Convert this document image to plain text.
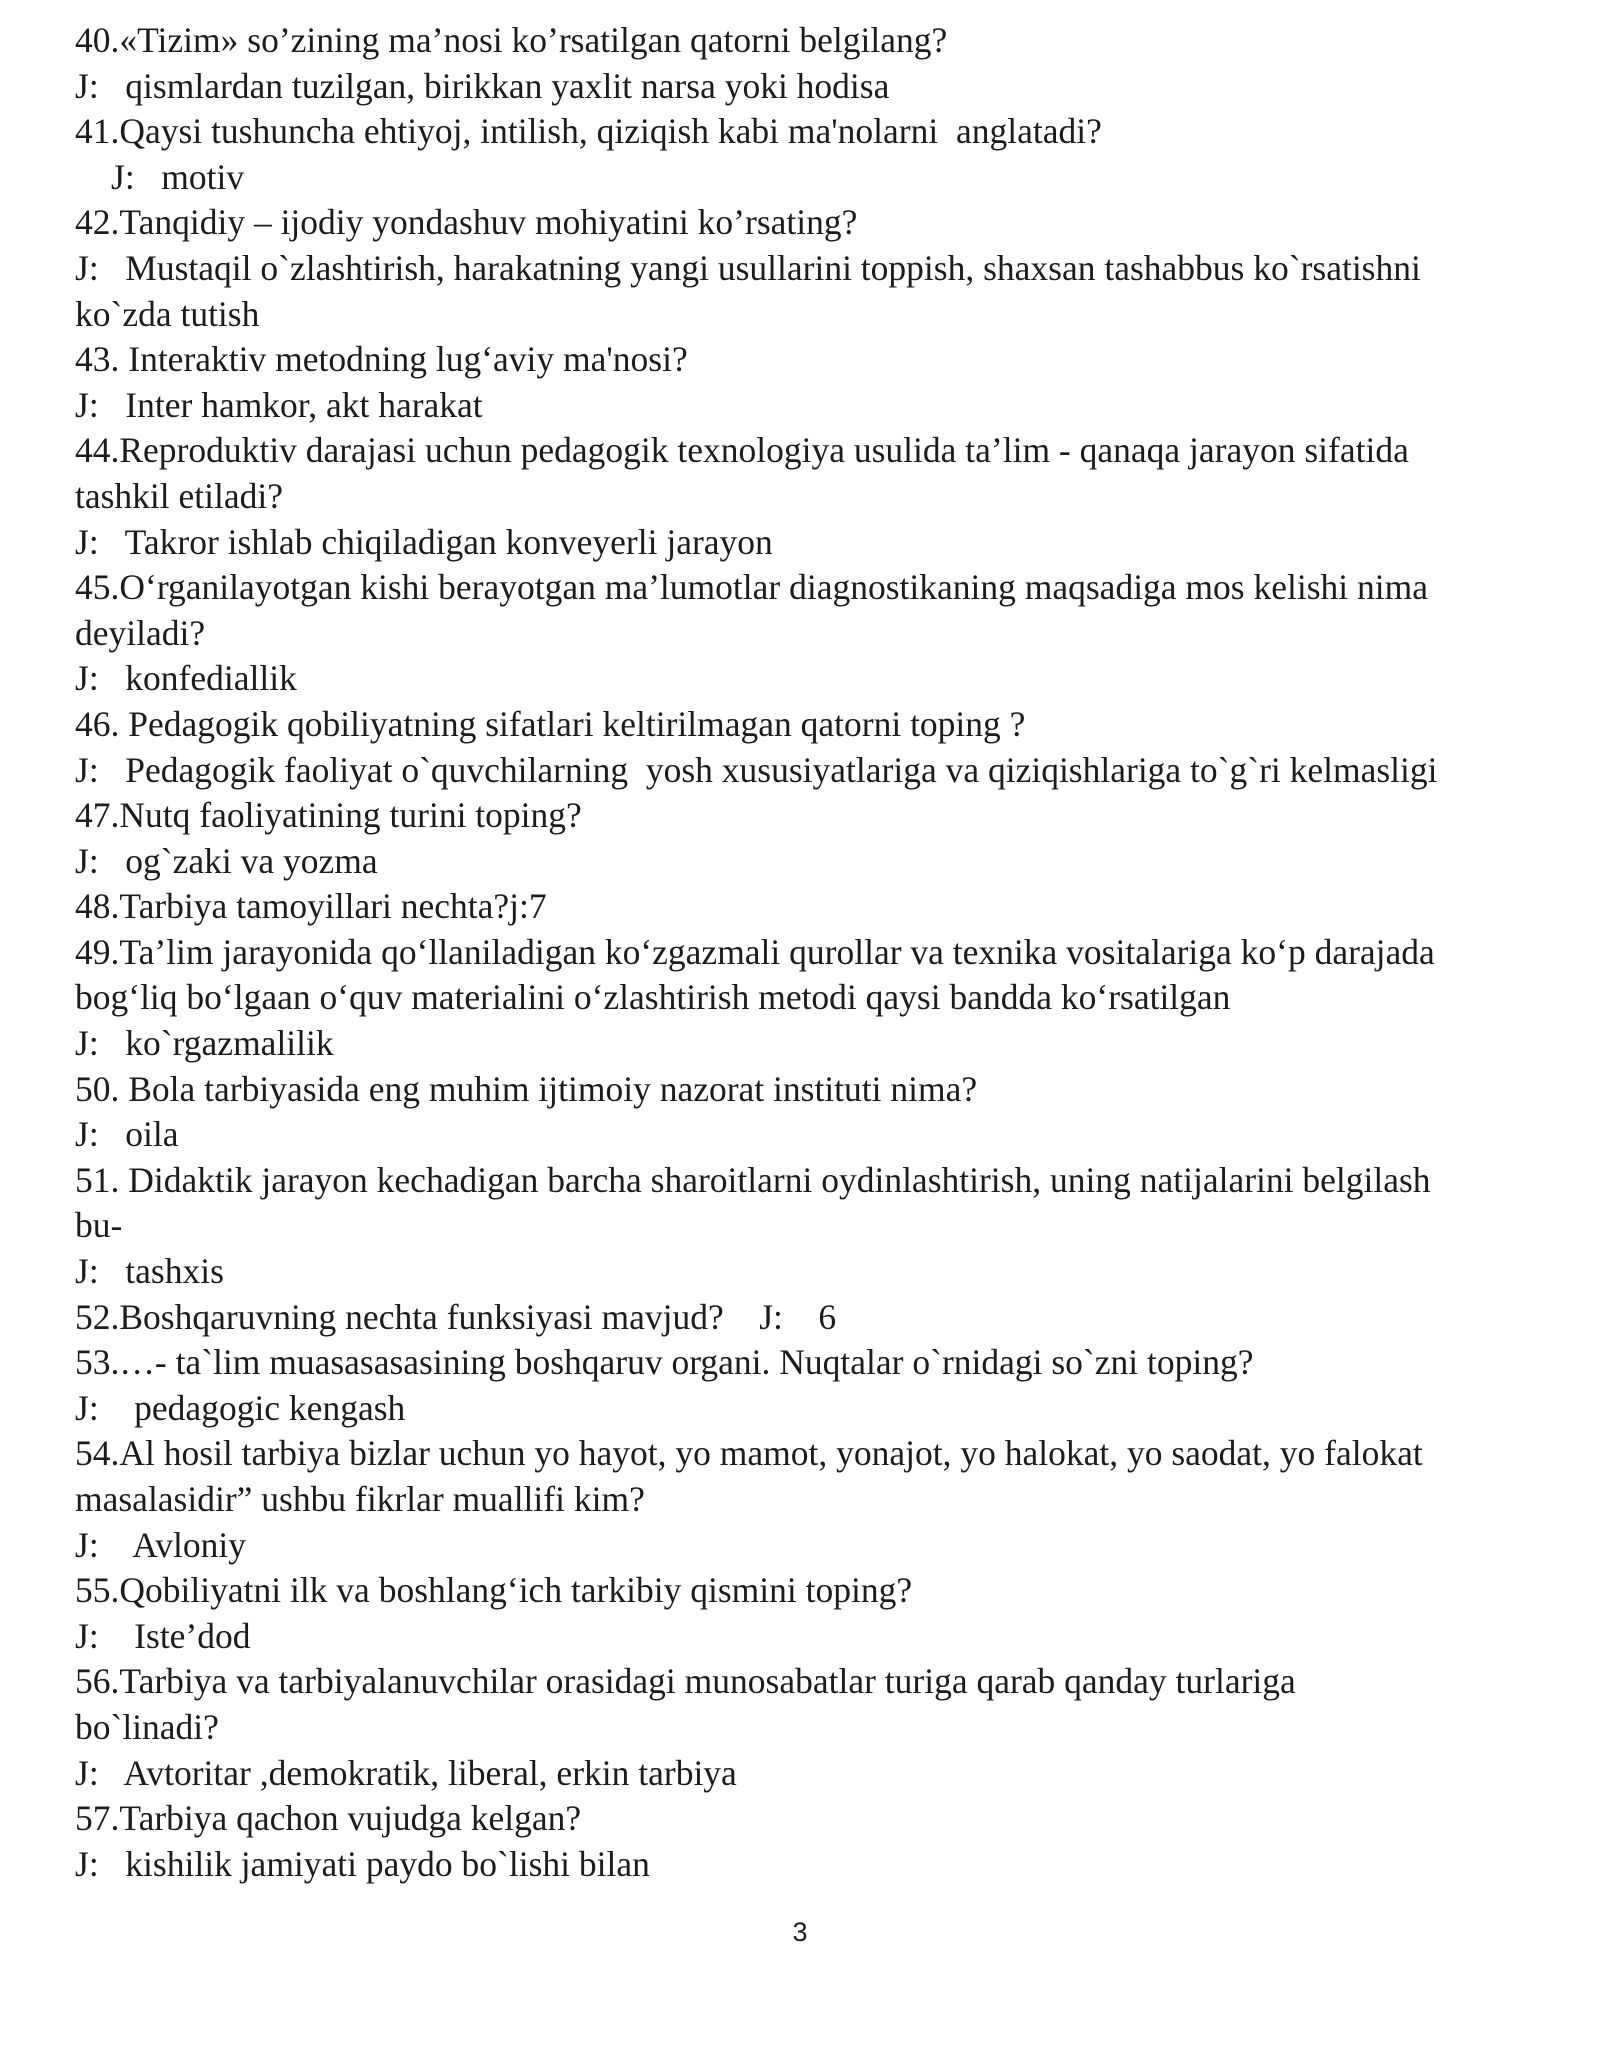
40.«Tizim» so’zining ma’nosi ko’rsatilgan qatorni belgilang?
J:   qismlardan tuzilgan, birikkan yaxlit narsa yoki hodisa
41.Qaysi tushuncha ehtiyoj, intilish, qiziqish kabi ma'nolarni  anglatadi?
J:   motiv
42.Tanqidiy – ijodiy yondashuv mohiyatini ko’rsating?
J:   Mustaqil o`zlashtirish, harakatning yangi usullarini toppish, shaxsan tashabbus ko`rsatishni
ko`zda tutish
43. Interaktiv metodning lug‘aviy ma'nosi?
J:   Inter hamkor, akt harakat
44.Reproduktiv darajasi uchun pedagogik texnologiya usulida ta’lim - qanaqa jarayon sifatida
tashkil etiladi?
J:   Takror ishlab chiqiladigan konveyerli jarayon
45.O‘rganilayotgan kishi berayotgan ma’lumotlar diagnostikaning maqsadiga mos kelishi nima
deyiladi?
J:   konfediallik
46. Pedagogik qobiliyatning sifatlari keltirilmagan qatorni toping ?
J:   Pedagogik faoliyat o`quvchilarning  yosh xususiyatlariga va qiziqishlariga to`g`ri kelmasligi
47.Nutq faoliyatining turini toping?
J:   og`zaki va yozma
48.Tarbiya tamoyillari nechta?j:7
49.Ta’lim jarayonida qo‘llaniladigan ko‘zgazmali qurollar va texnika vositalariga ko‘p darajada
bog‘liq bo‘lgaan o‘quv materialini o‘zlashtirish metodi qaysi bandda ko‘rsatilgan
J:   ko`rgazmalilik
50. Bola tarbiyasida eng muhim ijtimoiy nazorat instituti nima?
J:   oila
51. Didaktik jarayon kechadigan barcha sharoitlarni oydinlashtirish, uning natijalarini belgilash
bu-
J:   tashxis
52.Boshqaruvning nechta funksiyasi mavjud?    J:    6
53.…- ta`lim muasasasasining boshqaruv organi. Nuqtalar o`rnidagi so`zni toping?
J:    pedagogic kengash
54.Al hosil tarbiya bizlar uchun yo hayot, yo mamot, yonajot, yo halokat, yo saodat, yo falokat
masalasidir” ushbu fikrlar muallifi kim?
J:    Avloniy
55.Qobiliyatni ilk va boshlang‘ich tarkibiy qismini toping?
J:    Iste’dod
56.Tarbiya va tarbiyalanuvchilar orasidagi munosabatlar turiga qarab qanday turlariga
bo`linadi?
J:   Avtoritar ,demokratik, liberal, erkin tarbiya
57.Tarbiya qachon vujudga kelgan?
J:   kishilik jamiyati paydo bo`lishi bilan
3
